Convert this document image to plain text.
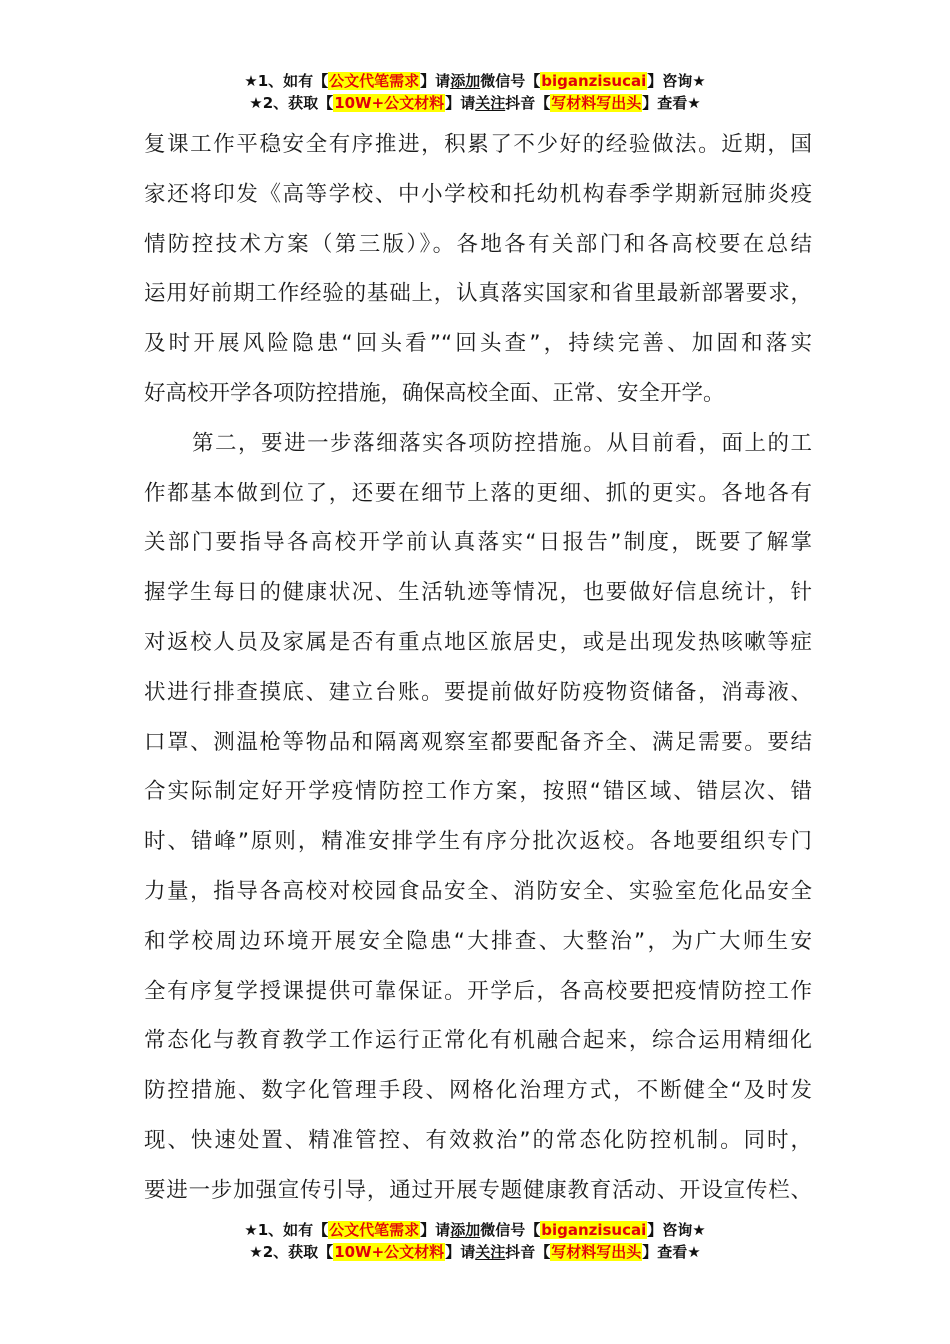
★1、如有【公文代笔需求】请添加微信号【biganzisucai】咨询★
★2、获取【10W+公文材料】请关注抖音【写材料写出头】查看★
复课工作平稳安全有序推进，积累了不少好的经验做法。近期，国
家还将印发《高等学校、中小学校和托幼机构春季学期新冠肺炎疫
情防控技术方案（第三版）》。各地各有关部门和各高校要在总结
运用好前期工作经验的基础上，认真落实国家和省里最新部署要求，
及时开展风险隐患“回头看”“回头查”，持续完善、加固和落实
好高校开学各项防控措施，确保高校全面、正常、安全开学。
第二，要进一步落细落实各项防控措施。从目前看，面上的工
作都基本做到位了，还要在细节上落的更细、抓的更实。各地各有
关部门要指导各高校开学前认真落实“日报告”制度，既要了解掌
握学生每日的健康状况、生活轨迹等情况，也要做好信息统计，针
对返校人员及家属是否有重点地区旅居史，或是出现发热咳嗽等症
状进行排查摸底、建立台账。要提前做好防疫物资储备，消毒液、
口罩、测温枪等物品和隔离观察室都要配备齐全、满足需要。要结
合实际制定好开学疫情防控工作方案，按照“错区域、错层次、错
时、错峰”原则，精准安排学生有序分批次返校。各地要组织专门
力量，指导各高校对校园食品安全、消防安全、实验室危化品安全
和学校周边环境开展安全隐患“大排查、大整治”，为广大师生安
全有序复学授课提供可靠保证。开学后，各高校要把疫情防控工作
常态化与教育教学工作运行正常化有机融合起来，综合运用精细化
防控措施、数字化管理手段、网格化治理方式，不断健全“及时发
现、快速处置、精准管控、有效救治”的常态化防控机制。同时，
要进一步加强宣传引导，通过开展专题健康教育活动、开设宣传栏、
★1、如有【公文代笔需求】请添加微信号【biganzisucai】咨询★
★2、获取【10W+公文材料】请关注抖音【写材料写出头】查看★
